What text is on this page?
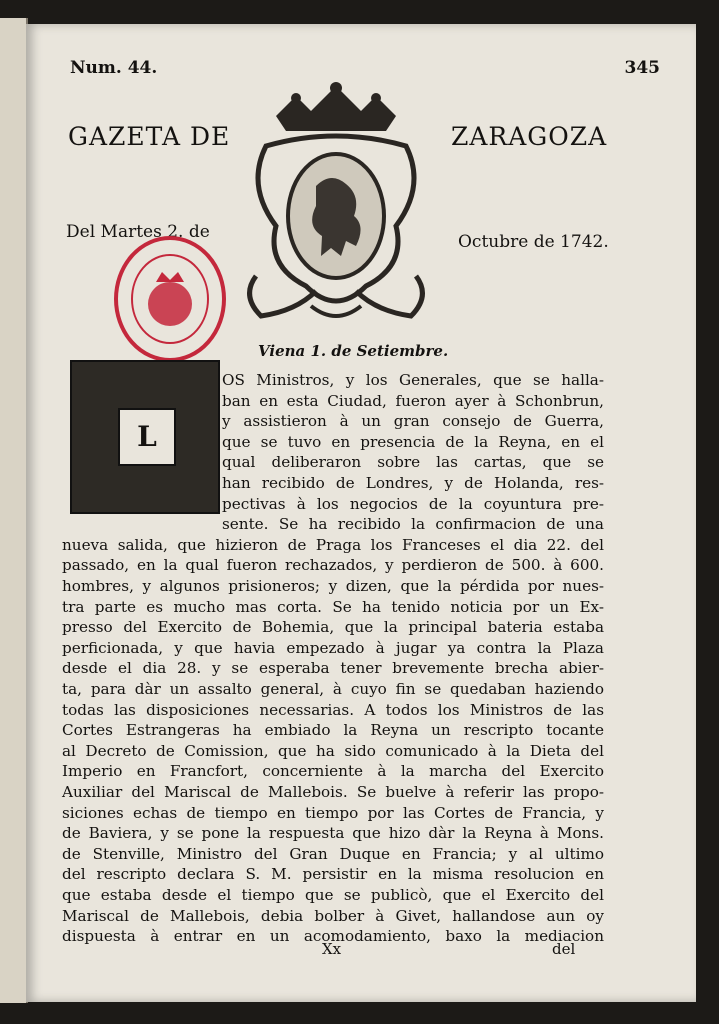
Num. 44.	345
GAZETA DE	ZARAGOZA
Del Martes 2. de	Octubre de 1742.
Viena 1. de Setiembre.
L
OS Ministros, y los Generales, que se halla-
ban en esta Ciudad, fueron ayer à Schonbrun,
y assistieron à un gran consejo de Guerra,
que se tuvo en presencia de la Reyna, en el
qual deliberaron sobre las cartas, que se
han recibido de Londres, y de Holanda, res-
pectivas à los negocios de la coyuntura pre-
sente. Se ha recibido la confirmacion de una
nueva salida, que hizieron de Praga los Franceses el dia 22. del
passado, en la qual fueron rechazados, y perdieron de 500. à 600.
hombres, y algunos prisioneros; y dizen, que la pérdida por nues-
tra parte es mucho mas corta. Se ha tenido noticia por un Ex-
presso del Exercito de Bohemia, que la principal bateria estaba
perficionada, y que havia empezado à jugar ya contra la Plaza
desde el dia 28. y se esperaba tener brevemente brecha abier-
ta, para dàr un assalto general, à cuyo fin se quedaban haziendo
todas las disposiciones necessarias. A todos los Ministros de las
Cortes Estrangeras ha embiado la Reyna un rescripto tocante
al Decreto de Comission, que ha sido comunicado à la Dieta del
Imperio en Francfort, concerniente à la marcha del Exercito
Auxiliar del Mariscal de Mallebois. Se buelve à referir las propo-
siciones echas de tiempo en tiempo por las Cortes de Francia, y
de Baviera, y se pone la respuesta que hizo dàr la Reyna à Mons.
de Stenville, Ministro del Gran Duque en Francia; y al ultimo
del rescripto declara S. M. persistir en la misma resolucion en
que estaba desde el tiempo que se publicò, que el Exercito del
Mariscal de Mallebois, debia bolber à Givet, hallandose aun oy
dispuesta à entrar en un acomodamiento, baxo la mediacion
Xx	del
